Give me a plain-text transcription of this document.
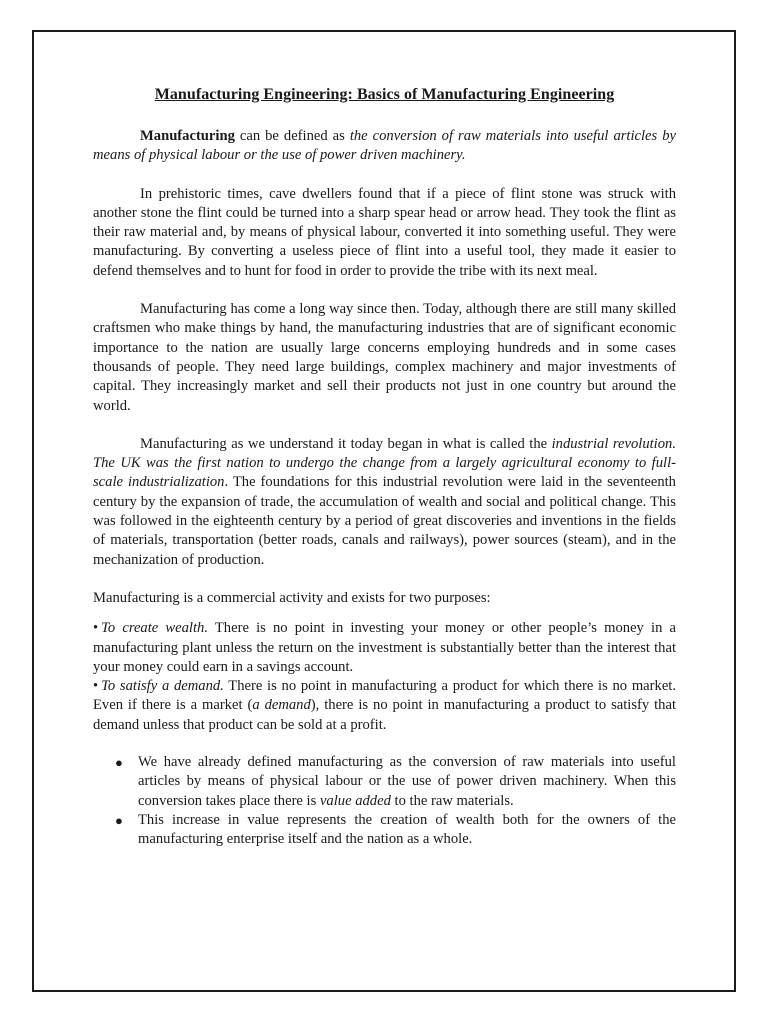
Manufacturing Engineering: Basics of Manufacturing Engineering

Manufacturing can be defined as the conversion of raw materials into useful articles by means of physical labour or the use of power driven machinery.

In prehistoric times, cave dwellers found that if a piece of flint stone was struck with another stone the flint could be turned into a sharp spear head or arrow head. They took the flint as their raw material and, by means of physical labour, converted it into something useful. They were manufacturing. By converting a useless piece of flint into a useful tool, they made it easier to defend themselves and to hunt for food in order to provide the tribe with its next meal.

Manufacturing has come a long way since then. Today, although there are still many skilled craftsmen who make things by hand, the manufacturing industries that are of significant economic importance to the nation are usually large concerns employing hundreds and in some cases thousands of people. They need large buildings, complex machinery and major investments of capital. They increasingly market and sell their products not just in one country but around the world.

Manufacturing as we understand it today began in what is called the industrial revolution. The UK was the first nation to undergo the change from a largely agricultural economy to full-scale industrialization. The foundations for this industrial revolution were laid in the seventeenth century by the expansion of trade, the accumulation of wealth and social and political change. This was followed in the eighteenth century by a period of great discoveries and inventions in the fields of materials, transportation (better roads, canals and railways), power sources (steam), and in the mechanization of production.

Manufacturing is a commercial activity and exists for two purposes:

• To create wealth. There is no point in investing your money or other people’s money in a manufacturing plant unless the return on the investment is substantially better than the interest that your money could earn in a savings account.

• To satisfy a demand. There is no point in manufacturing a product for which there is no market. Even if there is a market (a demand), there is no point in manufacturing a product to satisfy that demand unless that product can be sold at a profit.

● We have already defined manufacturing as the conversion of raw materials into useful articles by means of physical labour or the use of power driven machinery. When this conversion takes place there is value added to the raw materials.
● This increase in value represents the creation of wealth both for the owners of the manufacturing enterprise itself and the nation as a whole.
